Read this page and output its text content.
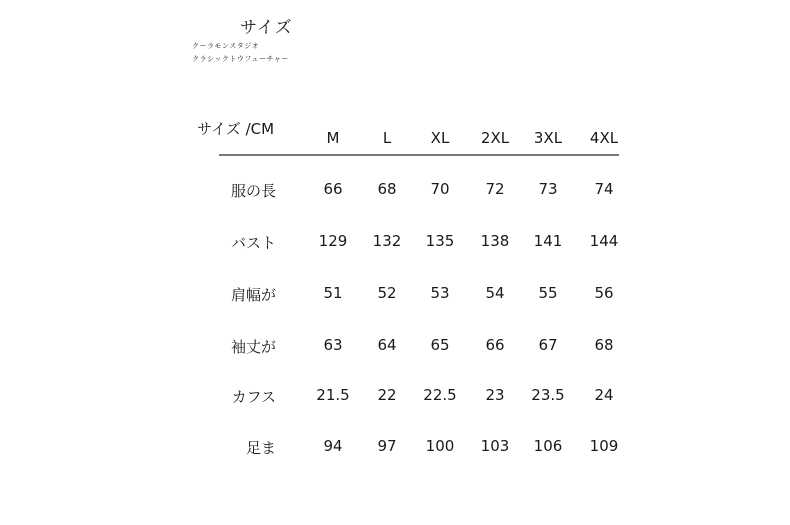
サイズ
クーラモンスタジオ
クラシックトウフューチャー
サイズ /CM	M	L	XL	2XL	3XL	4XL
服の長	66	68	70	72	73	74
バスト	129	132	135	138	141	144
肩幅が	51	52	53	54	55	56
袖丈が	63	64	65	66	67	68
カフス	21.5	22	22.5	23	23.5	24
足ま	94	97	100	103	106	109
